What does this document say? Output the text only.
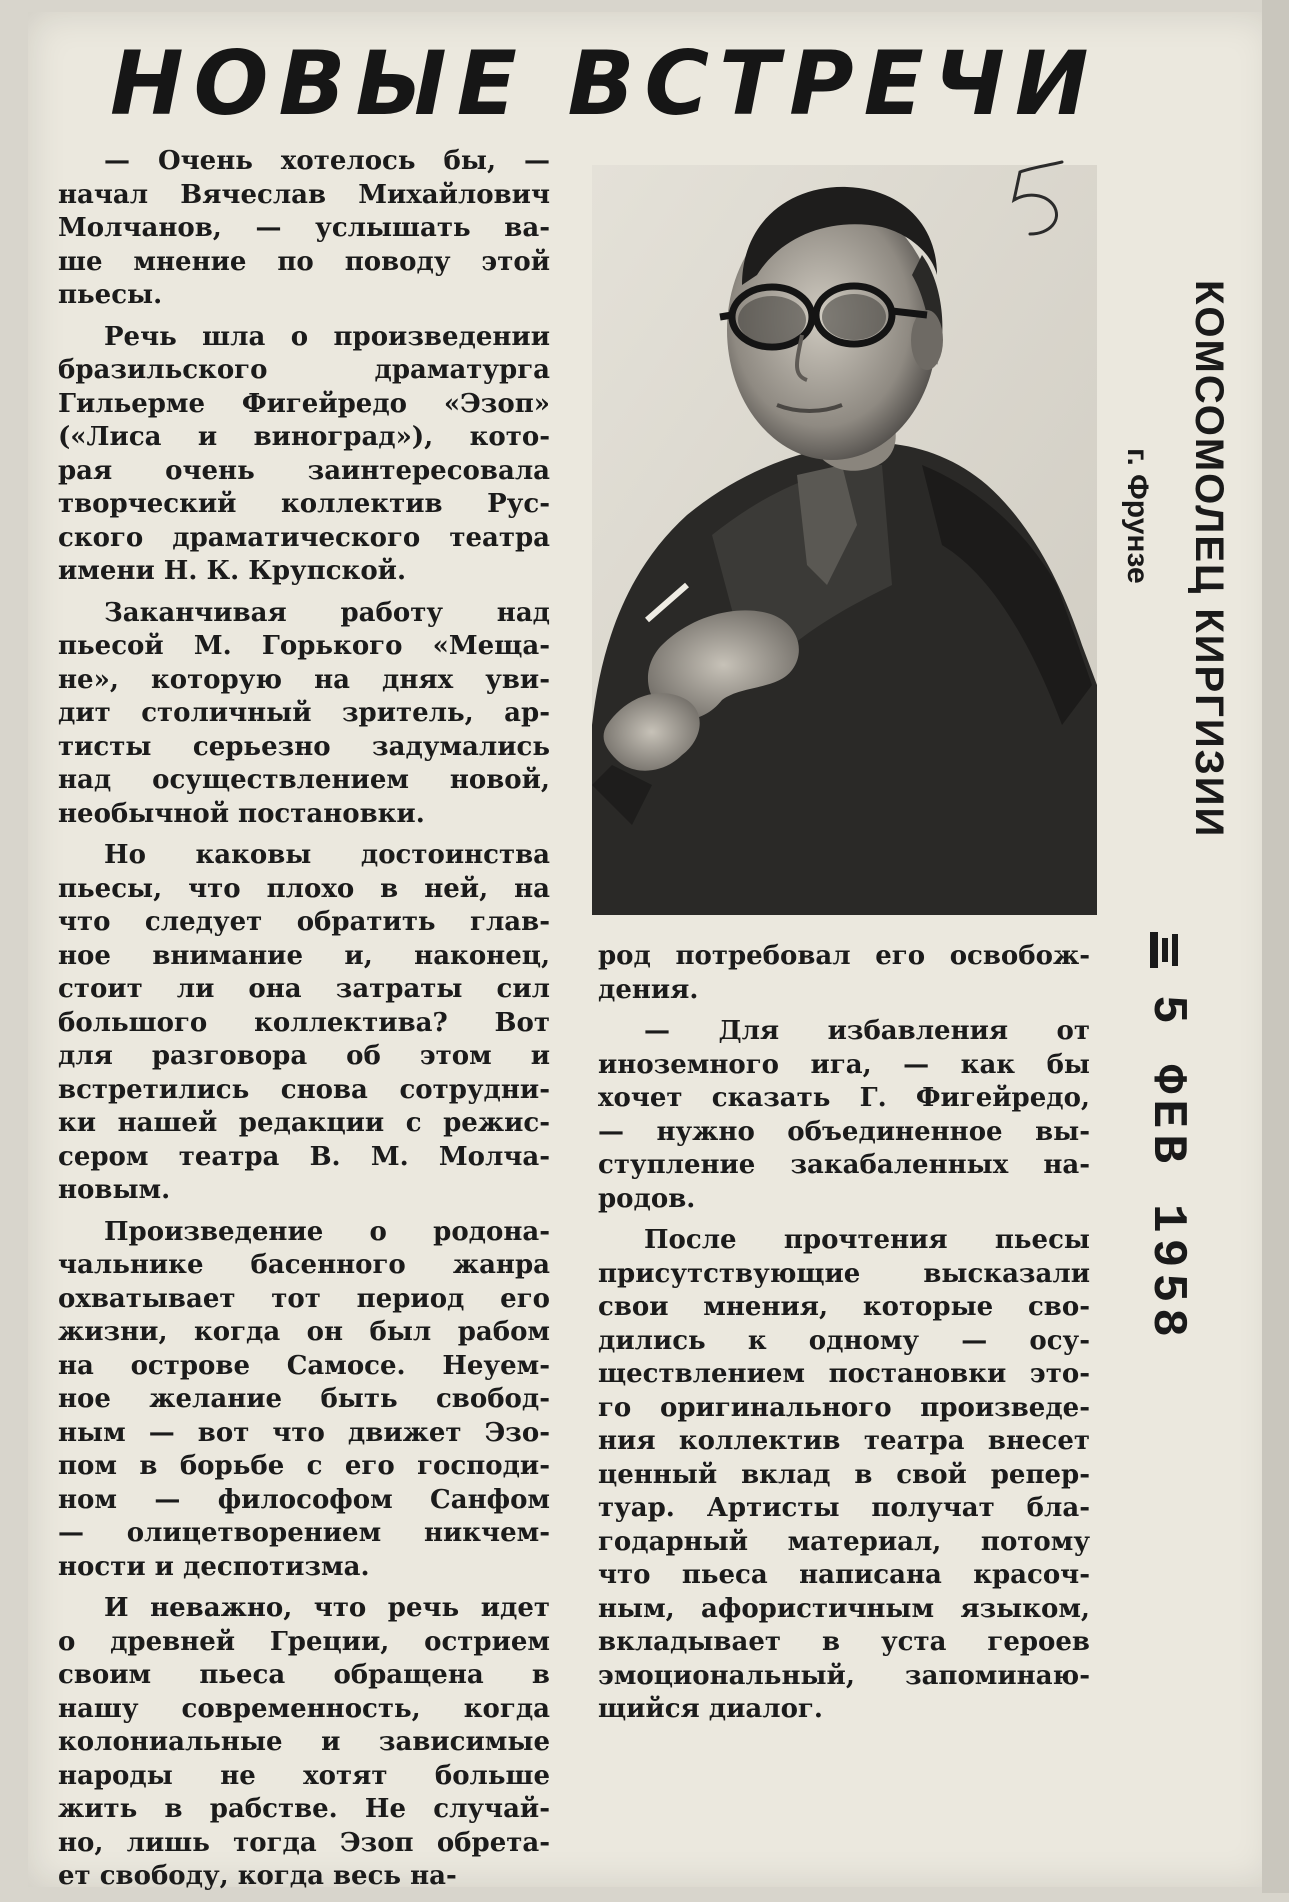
НОВЫЕ ВСТРЕЧИ

— Очень хотелось бы, —
начал Вячеслав Михайлович
Молчанов, — услышать ва-
ше мнение по поводу этой
пьесы.

Речь шла о произведении
бразильского драматурга
Гильерме Фигейредо «Эзоп»
(«Лиса и виноград»), кото-
рая очень заинтересовала
творческий коллектив Рус-
ского драматического театра
имени Н. К. Крупской.

Заканчивая работу над
пьесой М. Горького «Меща-
не», которую на днях уви-
дит столичный зритель, ар-
тисты серьезно задумались
над осуществлением новой,
необычной постановки.

Но каковы достоинства
пьесы, что плохо в ней, на
что следует обратить глав-
ное внимание и, наконец,
стоит ли она затраты сил
большого коллектива? Вот
для разговора об этом и
встретились снова сотрудни-
ки нашей редакции с режис-
сером театра В. М. Молча-
новым.

Произведение о родона-
чальнике басенного жанра
охватывает тот период его
жизни, когда он был рабом
на острове Самосе. Неуем-
ное желание быть свобод-
ным — вот что движет Эзо-
пом в борьбе с его господи-
ном — философом Санфом
— олицетворением никчем-
ности и деспотизма.

И неважно, что речь идет
о древней Греции, острием
своим пьеса обращена в
нашу современность, когда
колониальные и зависимые
народы не хотят больше
жить в рабстве. Не случай-
но, лишь тогда Эзоп обрета-
ет свободу, когда весь на-

род потребовал его освобож-
дения.

— Для избавления от
иноземного ига, — как бы
хочет сказать Г. Фигейредо,
— нужно объединенное вы-
ступление закабаленных на-
родов.

После прочтения пьесы
присутствующие высказали
свои мнения, которые сво-
дились к одному — осу-
ществлением постановки это-
го оригинального произведе-
ния коллектив театра внесет
ценный вклад в свой репер-
туар. Артисты получат бла-
годарный материал, потому
что пьеса написана красоч-
ным, афористичным языком,
вкладывает в уста героев
эмоциональный, запоминаю-
щийся диалог.

КОМСОМОЛЕЦ КИРГИЗИИ
г. Фрунзе
5 ФЕВ 1958
